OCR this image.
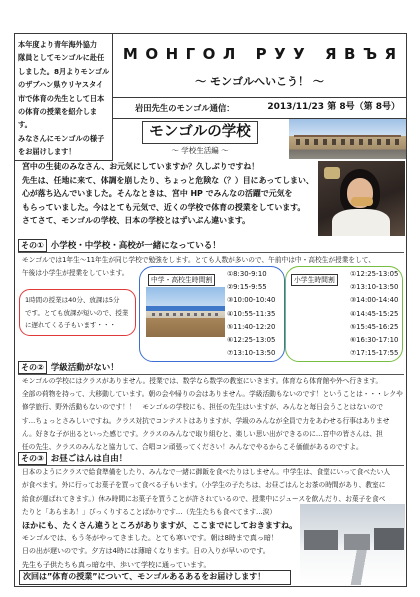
本年度より青年海外協力
隊員としてモンゴルに赴任
しました。8月よりモンゴル
のザブハン県ウリヤスタイ
市で体育の先生として日本
の体育の授業を紹介しま
す。
みなさんにモンゴルの様子
をお届けします！
МОНГОЛ РУУ ЯВЪЯ
～ モンゴルへいこう！ ～
岩田先生のモンゴル通信：	2013/11/23 第 8号（第 8号）
モンゴルの学校
～ 学校生活編 ～
宮中の生徒のみなさん、お元気にしていますか？久しぶりですね！
先生は、任地に来て、体調を崩したり、ちょっと危険な（？）目にあってしまい、
心が落ち込んでいました。そんなときは、宮中 HP でみんなの活躍で元気を
もらっていました。今はとても元気で、近くの学校で体育の授業をしています。
さてさて、モンゴルの学校、日本の学校とはずいぶん違います。
その① 小学校・中学校・高校が一緒になっている！
モンゴルでは1年生～11年生が同じ学校で勉強をします。とても人数が多いので、午前中は中・高校生が授業をして、
午後は小学生が授業をしています。
1時間の授業は40分、放課は5分
です。とても放課が短いので、授業
に遅れてくる子もいます・・・
中学・高校生時間割
①8:30-9:10
②9:15-9:55
③10:00-10:40
④10:55-11:35
⑤11:40-12:20
⑥12:25-13:05
⑦13:10-13:50
小学生時間割
①12:25-13:05
②13:10-13:50
③14:00-14:40
④14:45-15:25
⑤15:45-16:25
⑥16:30-17:10
⑦17:15-17:55
その② 学級活動がない！
モンゴルの学校にはクラスがありません。授業では、数学なら数学の教室にいきます。体育なら体育館や外へ行きます。
全部の荷物を持って、大移動しています。朝の会や帰りの会はありません。学級活動もないのです！ということは・・・レクや
修学旅行、野外活動もないのです！！　モンゴルの学校にも、担任の先生はいますが、みんなと毎日会うことはないので
す…ちょっとさみしいですね。クラス対抗でコンテストはありますが、学級のみんなが全員で力をあわせる行事はありませ
ん。好きな子が出るといった感じです。クラスのみんなで取り組むと、楽しい思い出ができるのに…宮中の皆さんは、担
任の先生、クラスのみんなと協力して、合唱コン頑張ってください！みんなでやるからこそ価値があるのですよ。
その③ お昼ごはんは自由！
日本のようにクラスで給食準備をしたり、みんなで一緒に御飯を食べたりはしません。中学生は、食堂にいって食べたい人
が食べます。外に行ってお菓子を買って食べる子もいます。（小学生の子たちは、お昼ごはんとお茶の時間があり、教室に
給食が運ばれてきます。）休み時間にお菓子を買うことが許されているので、授業中にジュースを飲んだり、お菓子を食べ
たりと「あらまあ！」びっくりすることばかりです…（先生たちも食べてます…涙）
ほかにも、たくさん違うところがありますが、ここまでにしておきますね。
モンゴルでは、もう冬がやってきました。とても寒いです。朝は8時まで真っ暗！
日の出が遅いのです。夕方は4時には薄暗くなります。日の入りが早いのです。
先生も子供たちも真っ暗な中、歩いて学校に通っています。
次回は”体育の授業”について、モンゴルあるあるをお届けします！
